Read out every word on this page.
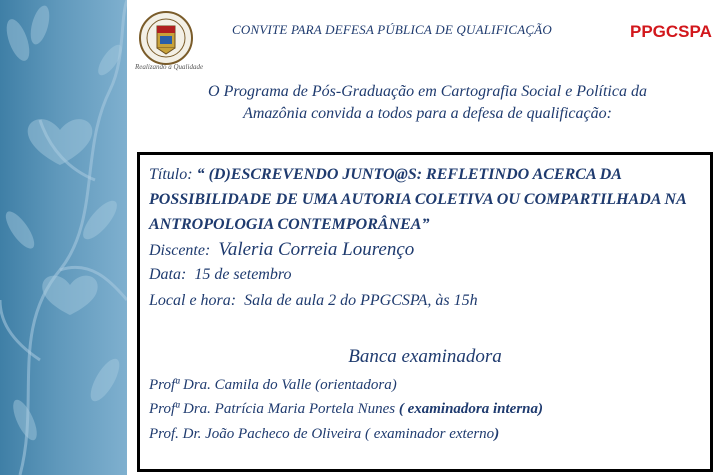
Realizando a Qualidade
CONVITE PARA DEFESA PÚBLICA DE QUALIFICAÇÃO	PPGCSPA
O Programa de Pós-Graduação em Cartografia Social e Política da
Amazônia convida a todos para a defesa de qualificação:
Título: “ (D)ESCREVENDO JUNTO@S: REFLETINDO ACERCA DA POSSIBILIDADE DE UMA AUTORIA COLETIVA OU COMPARTILHADA NA ANTROPOLOGIA CONTEMPORÂNEA”
Discente: Valeria Correia Lourenço
Data: 15 de setembro
Local e hora: Sala de aula 2 do PPGCSPA, às 15h
Banca examinadora
Profª Dra. Camila do Valle (orientadora)
Profª Dra. Patrícia Maria Portela Nunes ( examinadora interna)
Prof. Dr. João Pacheco de Oliveira ( examinador externo)
